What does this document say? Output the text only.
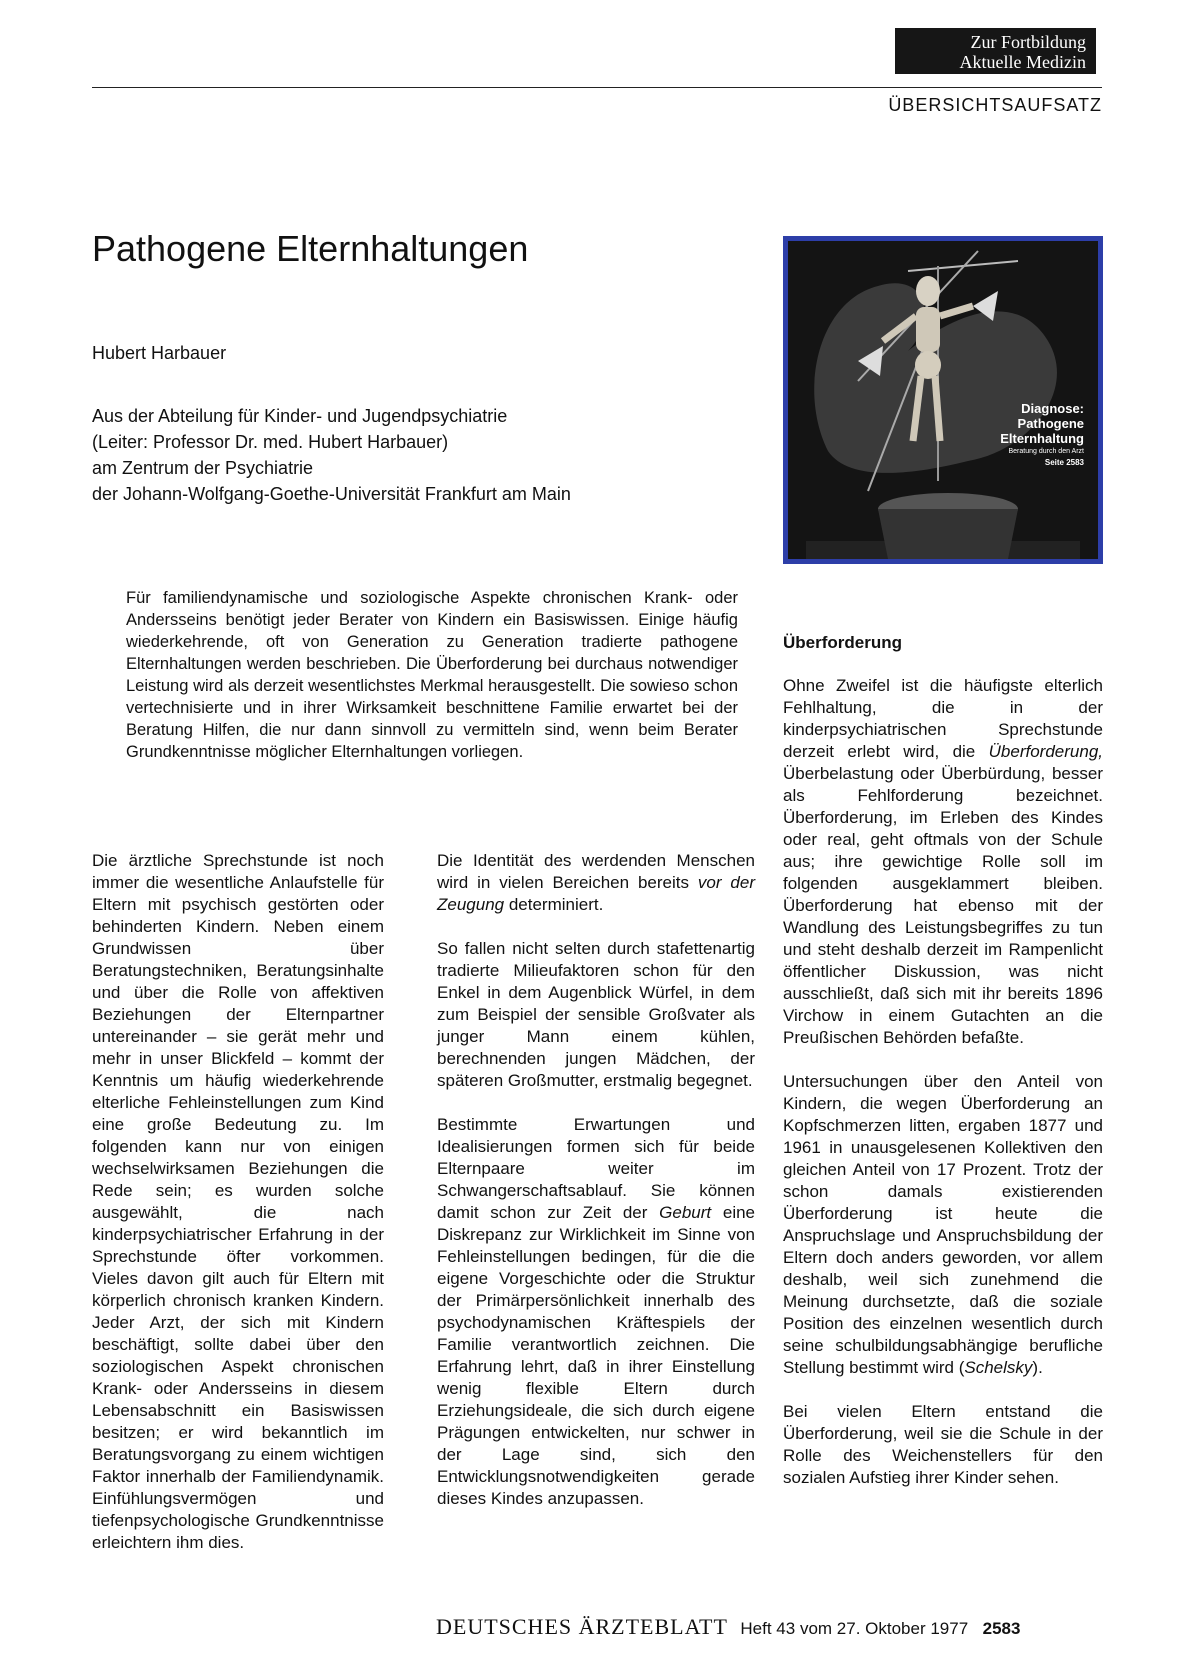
Zur Fortbildung
Aktuelle Medizin
ÜBERSICHTSAUFSATZ
Pathogene Elternhaltungen
Hubert Harbauer
Aus der Abteilung für Kinder- und Jugendpsychiatrie
(Leiter: Professor Dr. med. Hubert Harbauer)
am Zentrum der Psychiatrie
der Johann-Wolfgang-Goethe-Universität Frankfurt am Main
Diagnose:
Pathogene
Elternhaltung
Beratung durch den Arzt
Seite 2583

Für familiendynamische und soziologische Aspekte chronischen Krank- oder Andersseins benötigt jeder Berater von Kindern ein Basiswissen. Einige häufig wiederkehrende, oft von Generation zu Generation tradierte pathogene Elternhaltungen werden beschrieben. Die Überforderung bei durchaus notwendiger Leistung wird als derzeit wesentlichstes Merkmal herausgestellt. Die sowieso schon vertechnisierte und in ihrer Wirksamkeit beschnittene Familie erwartet bei der Beratung Hilfen, die nur dann sinnvoll zu vermitteln sind, wenn beim Berater Grundkenntnisse möglicher Elternhaltungen vorliegen.

Die ärztliche Sprechstunde ist noch immer die wesentliche Anlaufstelle für Eltern mit psychisch gestörten oder behinderten Kindern. Neben einem Grundwissen über Beratungstechniken, Beratungsinhalte und über die Rolle von affektiven Beziehungen der Elternpartner untereinander – sie gerät mehr und mehr in unser Blickfeld – kommt der Kenntnis um häufig wiederkehrende elterliche Fehleinstellungen zum Kind eine große Bedeutung zu. Im folgenden kann nur von einigen wechselwirksamen Beziehungen die Rede sein; es wurden solche ausgewählt, die nach kinderpsychiatrischer Erfahrung in der Sprechstunde öfter vorkommen. Vieles davon gilt auch für Eltern mit körperlich chronisch kranken Kindern. Jeder Arzt, der sich mit Kindern beschäftigt, sollte dabei über den soziologischen Aspekt chronischen Krank- oder Andersseins in diesem Lebensabschnitt ein Basiswissen besitzen; er wird bekanntlich im Beratungsvorgang zu einem wichtigen Faktor innerhalb der Familiendynamik. Einfühlungsvermögen und tiefenpsychologische Grundkenntnisse erleichtern ihm dies.

Die Identität des werdenden Menschen wird in vielen Bereichen bereits vor der Zeugung determiniert.

So fallen nicht selten durch stafettenartig tradierte Milieufaktoren schon für den Enkel in dem Augenblick Würfel, in dem zum Beispiel der sensible Großvater als junger Mann einem kühlen, berechnenden jungen Mädchen, der späteren Großmutter, erstmalig begegnet.

Bestimmte Erwartungen und Idealisierungen formen sich für beide Elternpaare weiter im Schwangerschaftsablauf. Sie können damit schon zur Zeit der Geburt eine Diskrepanz zur Wirklichkeit im Sinne von Fehleinstellungen bedingen, für die die eigene Vorgeschichte oder die Struktur der Primärpersönlichkeit innerhalb des psychodynamischen Kräftespiels der Familie verantwortlich zeichnen. Die Erfahrung lehrt, daß in ihrer Einstellung wenig flexible Eltern durch Erziehungsideale, die sich durch eigene Prägungen entwickelten, nur schwer in der Lage sind, sich den Entwicklungsnotwendigkeiten gerade dieses Kindes anzupassen.

Überforderung

Ohne Zweifel ist die häufigste elterlich Fehlhaltung, die in der kinderpsychiatrischen Sprechstunde derzeit erlebt wird, die Überforderung, Überbelastung oder Überbürdung, besser als Fehlforderung bezeichnet. Überforderung, im Erleben des Kindes oder real, geht oftmals von der Schule aus; ihre gewichtige Rolle soll im folgenden ausgeklammert bleiben. Überforderung hat ebenso mit der Wandlung des Leistungsbegriffes zu tun und steht deshalb derzeit im Rampenlicht öffentlicher Diskussion, was nicht ausschließt, daß sich mit ihr bereits 1896 Virchow in einem Gutachten an die Preußischen Behörden befaßte.

Untersuchungen über den Anteil von Kindern, die wegen Überforderung an Kopfschmerzen litten, ergaben 1877 und 1961 in unausgelesenen Kollektiven den gleichen Anteil von 17 Prozent. Trotz der schon damals existierenden Überforderung ist heute die Anspruchslage und Anspruchsbildung der Eltern doch anders geworden, vor allem deshalb, weil sich zunehmend die Meinung durchsetzte, daß die soziale Position des einzelnen wesentlich durch seine schulbildungsabhängige berufliche Stellung bestimmt wird (Schelsky).

Bei vielen Eltern entstand die Überforderung, weil sie die Schule in der Rolle des Weichenstellers für den sozialen Aufstieg ihrer Kinder sehen.

DEUTSCHES ÄRZTEBLATT Heft 43 vom 27. Oktober 1977 2583
